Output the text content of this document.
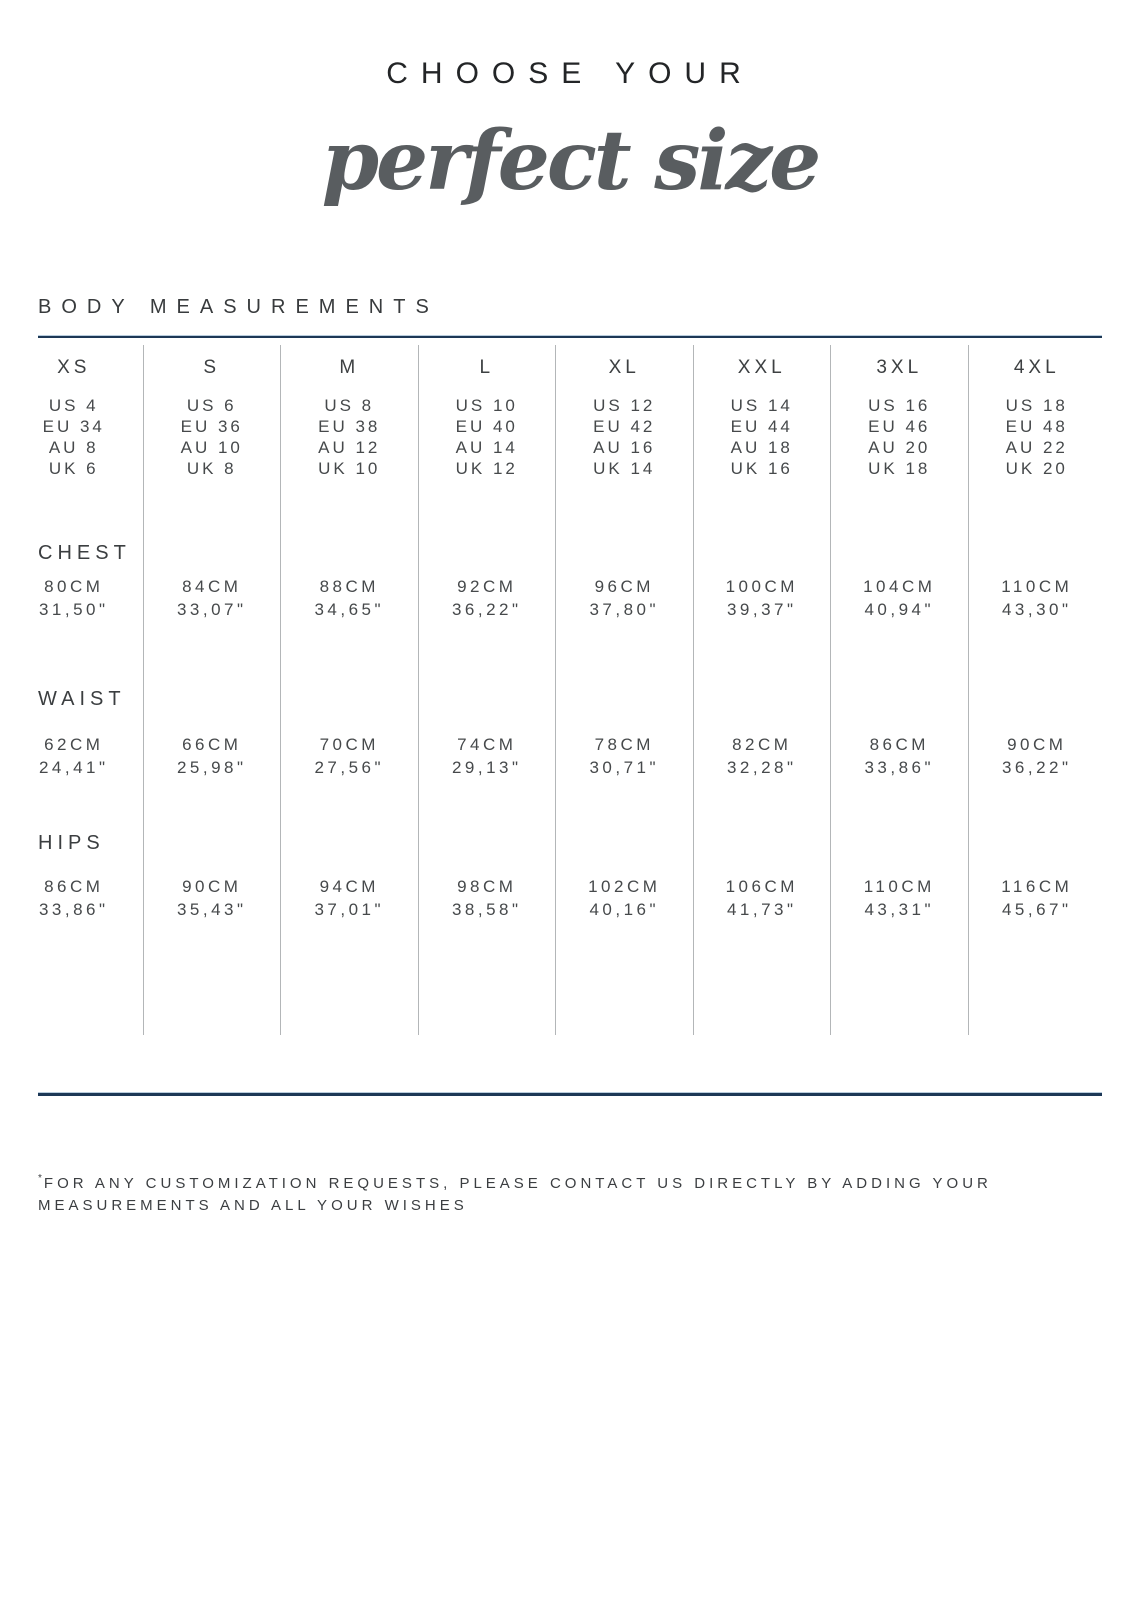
CHOOSE YOUR
perfect size
BODY MEASUREMENTS
CHEST
WAIST
HIPS
XS
US 4
EU 34
AU 8
UK 6
80CM
31,50"
62CM
24,41"
86CM
33,86"
S
US 6
EU 36
AU 10
UK 8
84CM
33,07"
66CM
25,98"
90CM
35,43"
M
US 8
EU 38
AU 12
UK 10
88CM
34,65"
70CM
27,56"
94CM
37,01"
L
US 10
EU 40
AU 14
UK 12
92CM
36,22"
74CM
29,13"
98CM
38,58"
XL
US 12
EU 42
AU 16
UK 14
96CM
37,80"
78CM
30,71"
102CM
40,16"
XXL
US 14
EU 44
AU 18
UK 16
100CM
39,37"
82CM
32,28"
106CM
41,73"
3XL
US 16
EU 46
AU 20
UK 18
104CM
40,94"
86CM
33,86"
110CM
43,31"
4XL
US 18
EU 48
AU 22
UK 20
110CM
43,30"
90CM
36,22"
116CM
45,67"
*FOR ANY CUSTOMIZATION REQUESTS, PLEASE CONTACT US DIRECTLY BY ADDING YOUR
MEASUREMENTS AND ALL YOUR WISHES
